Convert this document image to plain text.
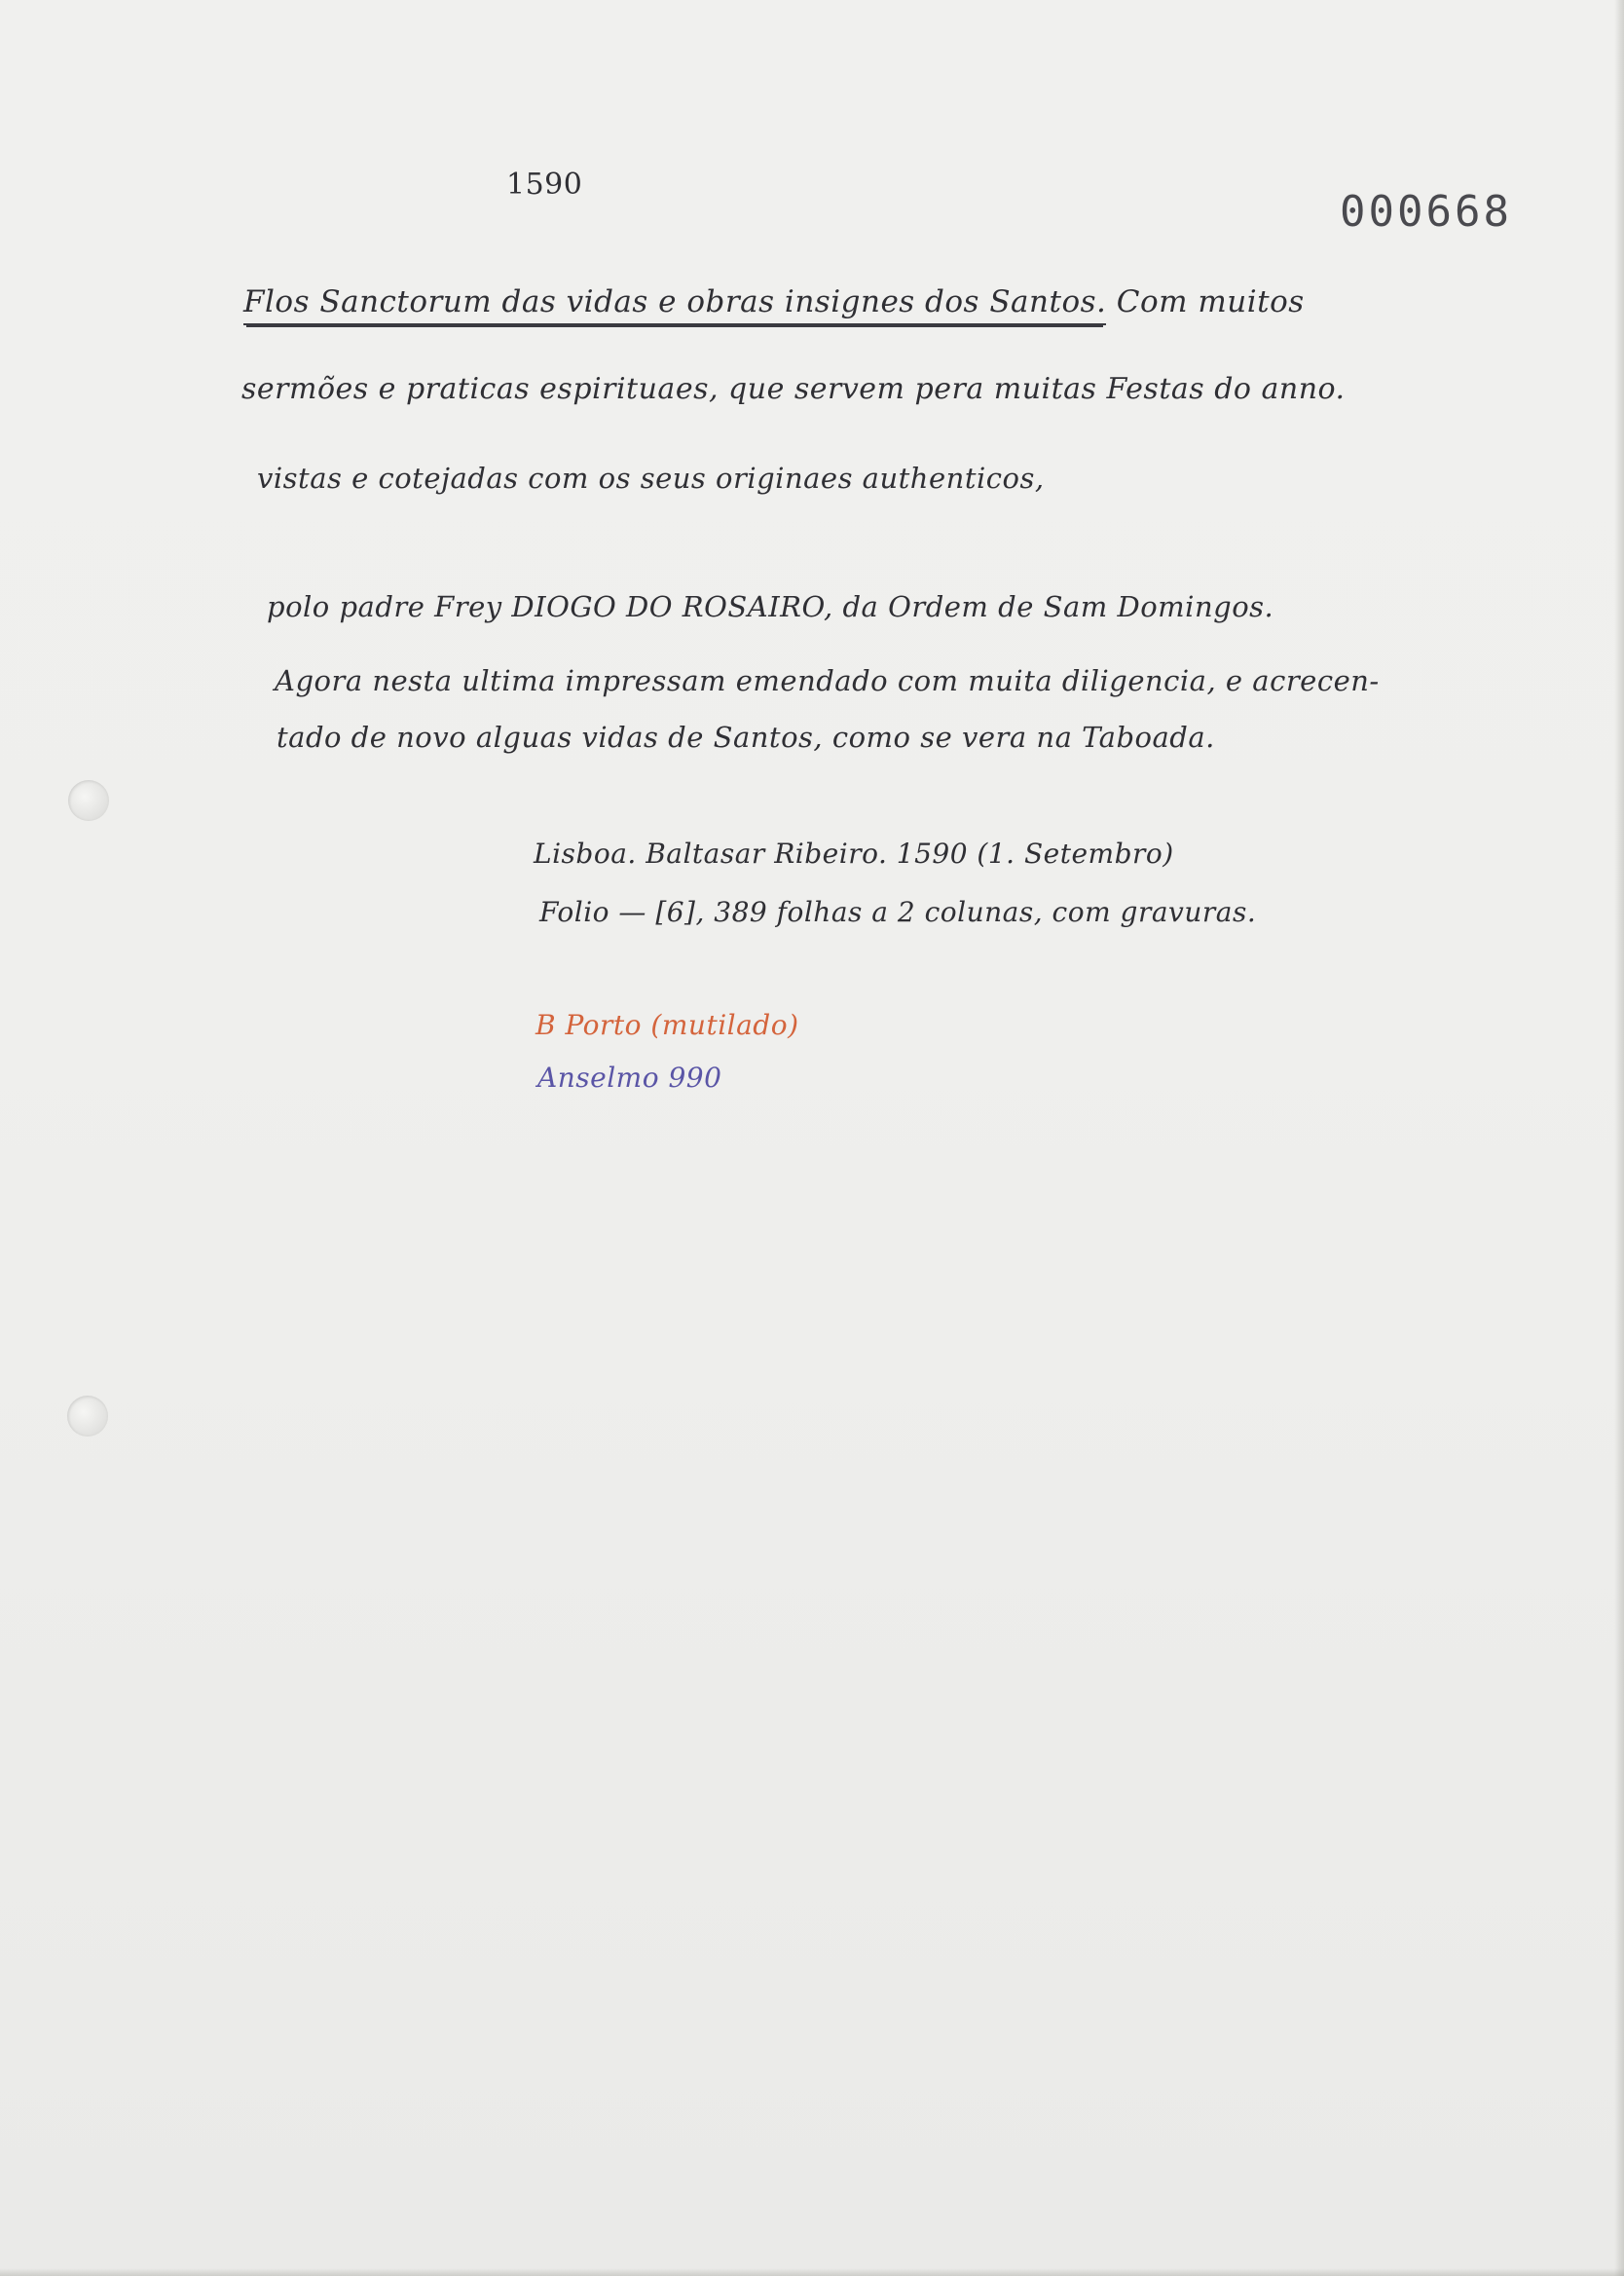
1590
000668
Flos Sanctorum das vidas e obras insignes dos Santos. Com muitos
sermões e praticas espirituaes, que servem pera muitas Festas do anno.
vistas e cotejadas com os seus originaes authenticos,
polo padre Frey DIOGO DO ROSAIRO, da Ordem de Sam Domingos.
Agora nesta ultima impressam emendado com muita diligencia, e acrecen-
tado de novo alguas vidas de Santos, como se vera na Taboada.
Lisboa. Baltasar Ribeiro. 1590 (1. Setembro)
Folio — [6], 389 folhas a 2 colunas, com gravuras.
B Porto (mutilado)
Anselmo 990
